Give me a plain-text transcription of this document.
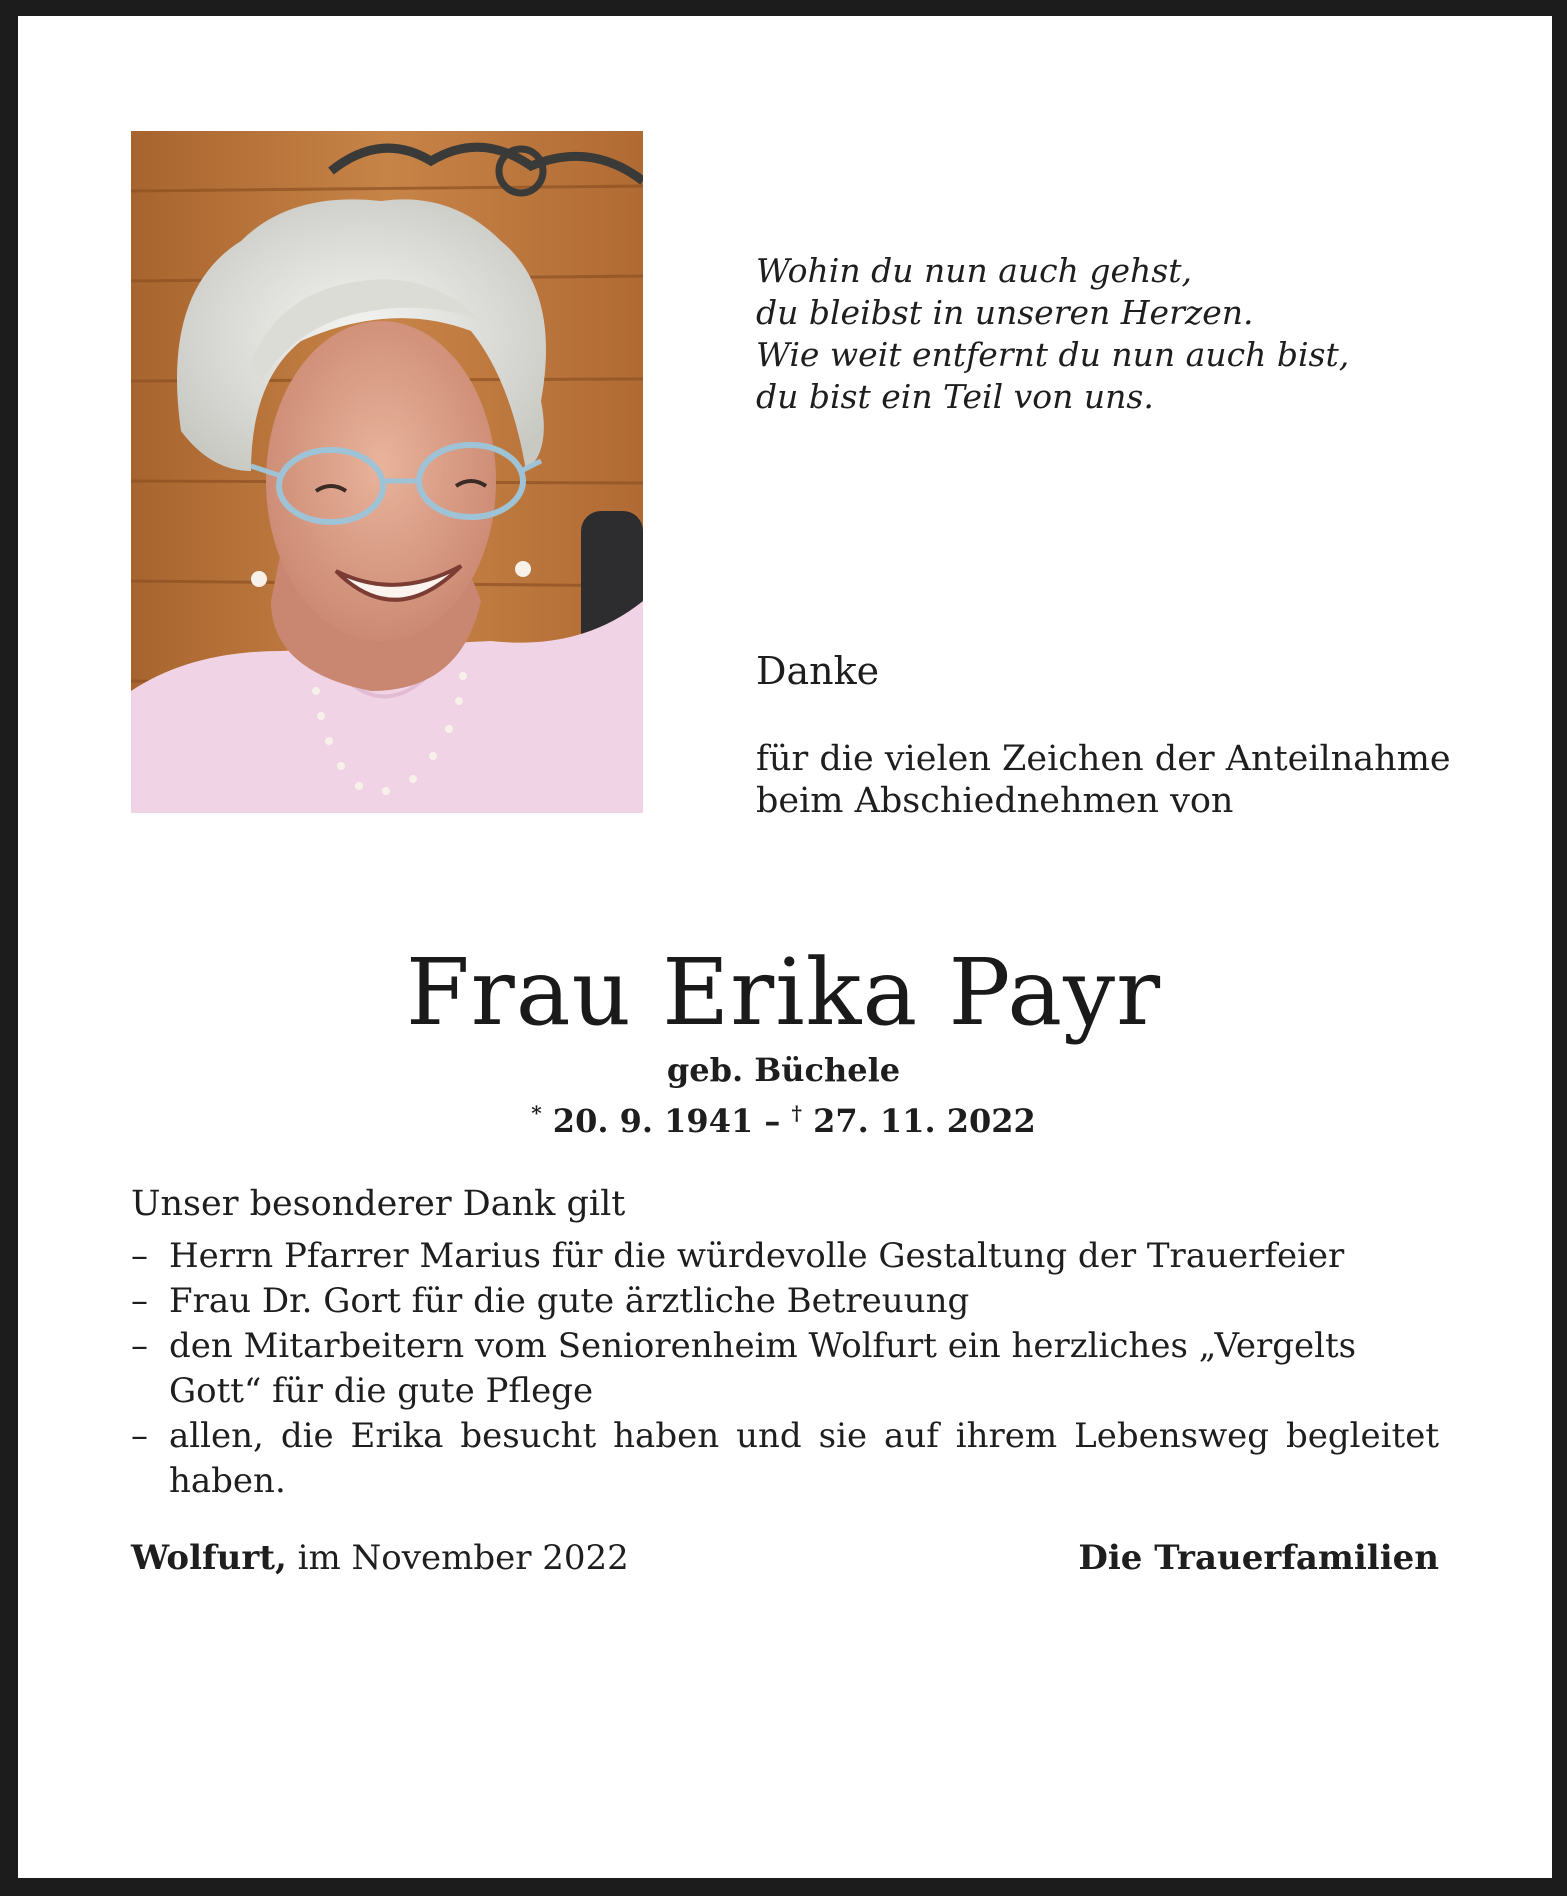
Wohin du nun auch gehst,
du bleibst in unseren Herzen.
Wie weit entfernt du nun auch bist,
du bist ein Teil von uns.
Danke
für die vielen Zeichen der Anteilnahme
beim Abschiednehmen von
Frau Erika Payr
geb. Büchele
* 20. 9. 1941 – † 27. 11. 2022
Unser besonderer Dank gilt
– Herrn Pfarrer Marius für die würdevolle Gestaltung der Trauerfeier
– Frau Dr. Gort für die gute ärztliche Betreuung
– den Mitarbeitern vom Seniorenheim Wolfurt ein herzliches „Vergelts Gott“ für die gute Pflege
– allen, die Erika besucht haben und sie auf ihrem Lebensweg begleitet haben.
Wolfurt, im November 2022	Die Trauerfamilien
